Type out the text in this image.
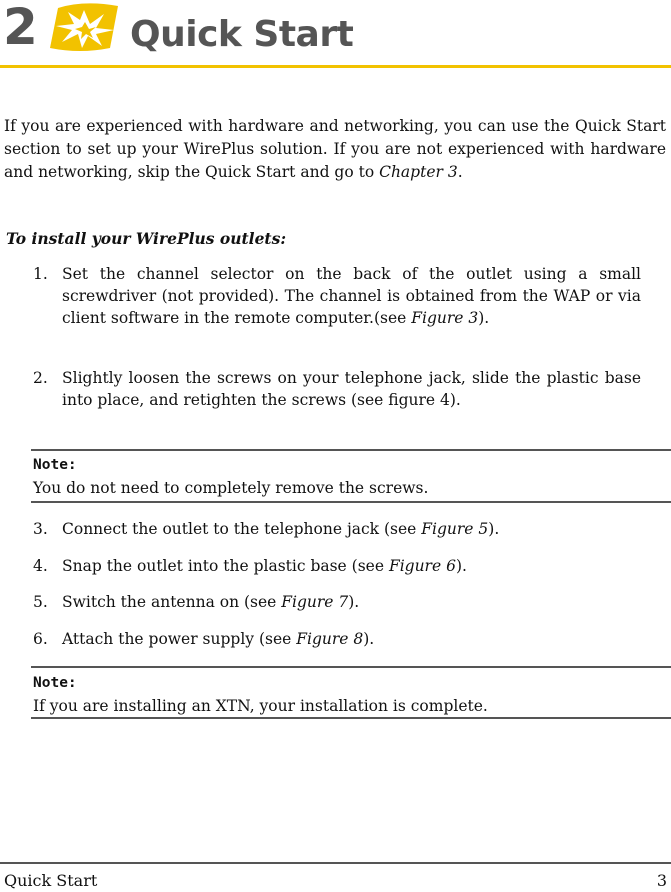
2	Quick Start

If you are experienced with hardware and networking, you can use the Quick Start section to set up your WirePlus solution. If you are not experienced with hardware and networking, skip the Quick Start and go to Chapter 3.

To install your WirePlus outlets:
1. Set the channel selector on the back of the outlet using a small screwdriver (not provided). The channel is obtained from the WAP or via client software in the remote computer.(see Figure 3).
2. Slightly loosen the screws on your telephone jack, slide the plastic base into place, and retighten the screws (see figure 4).
Note:
You do not need to completely remove the screws.
3. Connect the outlet to the telephone jack (see Figure 5).
4. Snap the outlet into the plastic base (see Figure 6).
5. Switch the antenna on (see Figure 7).
6. Attach the power supply (see Figure 8).
Note:
If you are installing an XTN, your installation is complete.
Quick Start	3
